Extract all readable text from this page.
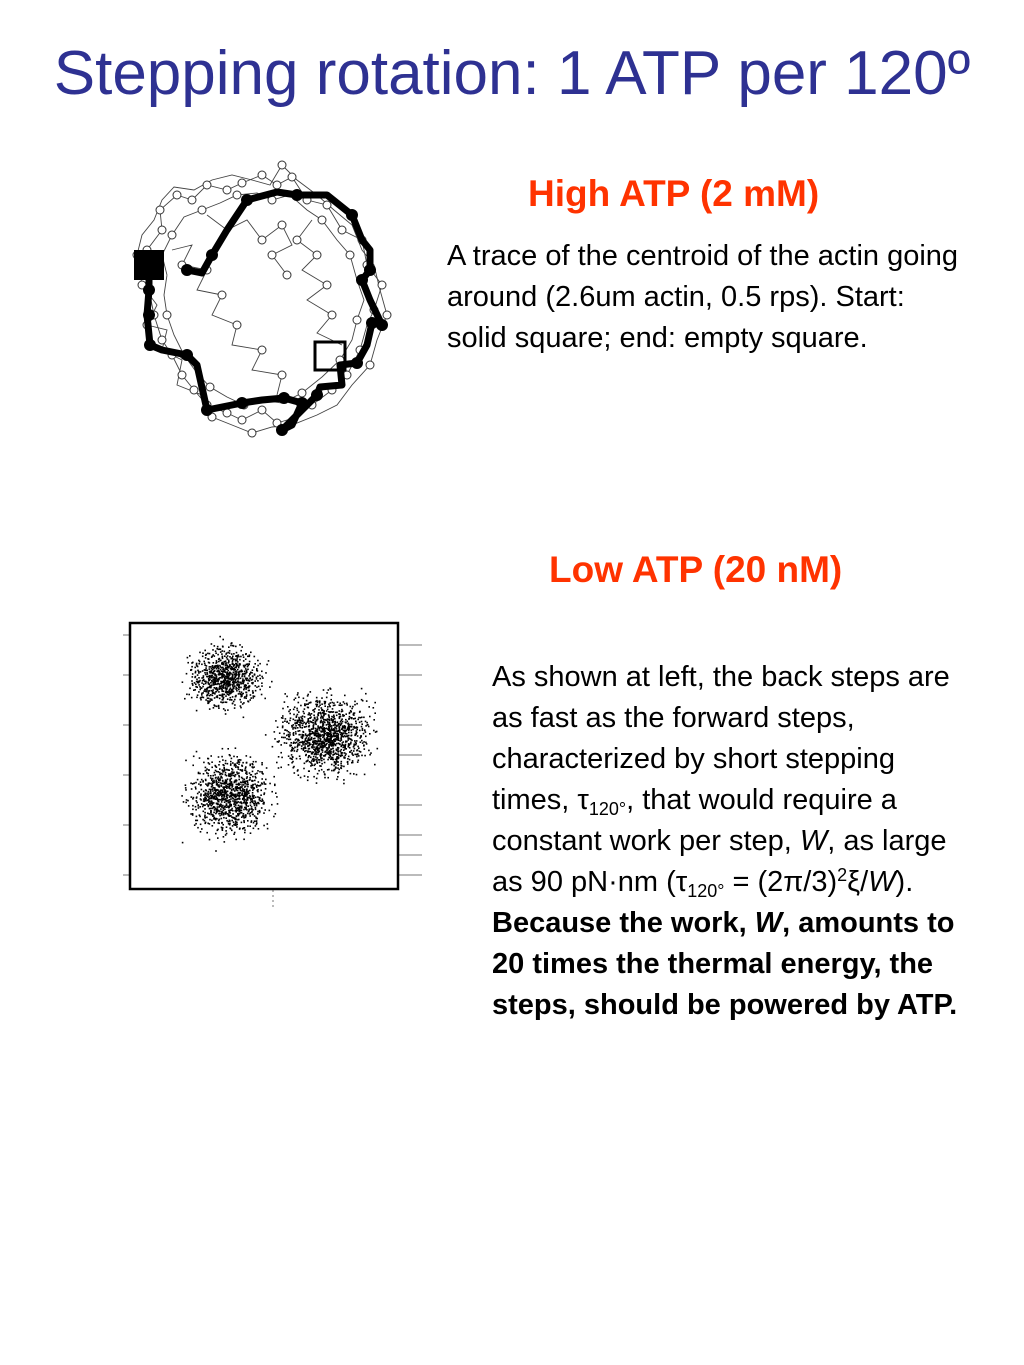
Stepping rotation: 1 ATP per 120º
High ATP (2 mM)
A trace of the centroid of the actin going around (2.6um actin, 0.5 rps). Start: solid square; end: empty square.
Low ATP (20 nM)
As shown at left, the back steps are as fast as the forward steps, characterized by short stepping times, $\tau_{120^\circ}$, that would require a constant work per step, W, as large as 90 pN·nm $(\tau_{120^\circ} = (2\pi/3)^2\xi/W)$. Because the work, W, amounts to 20 times the thermal energy, the steps, should be powered by ATP.
